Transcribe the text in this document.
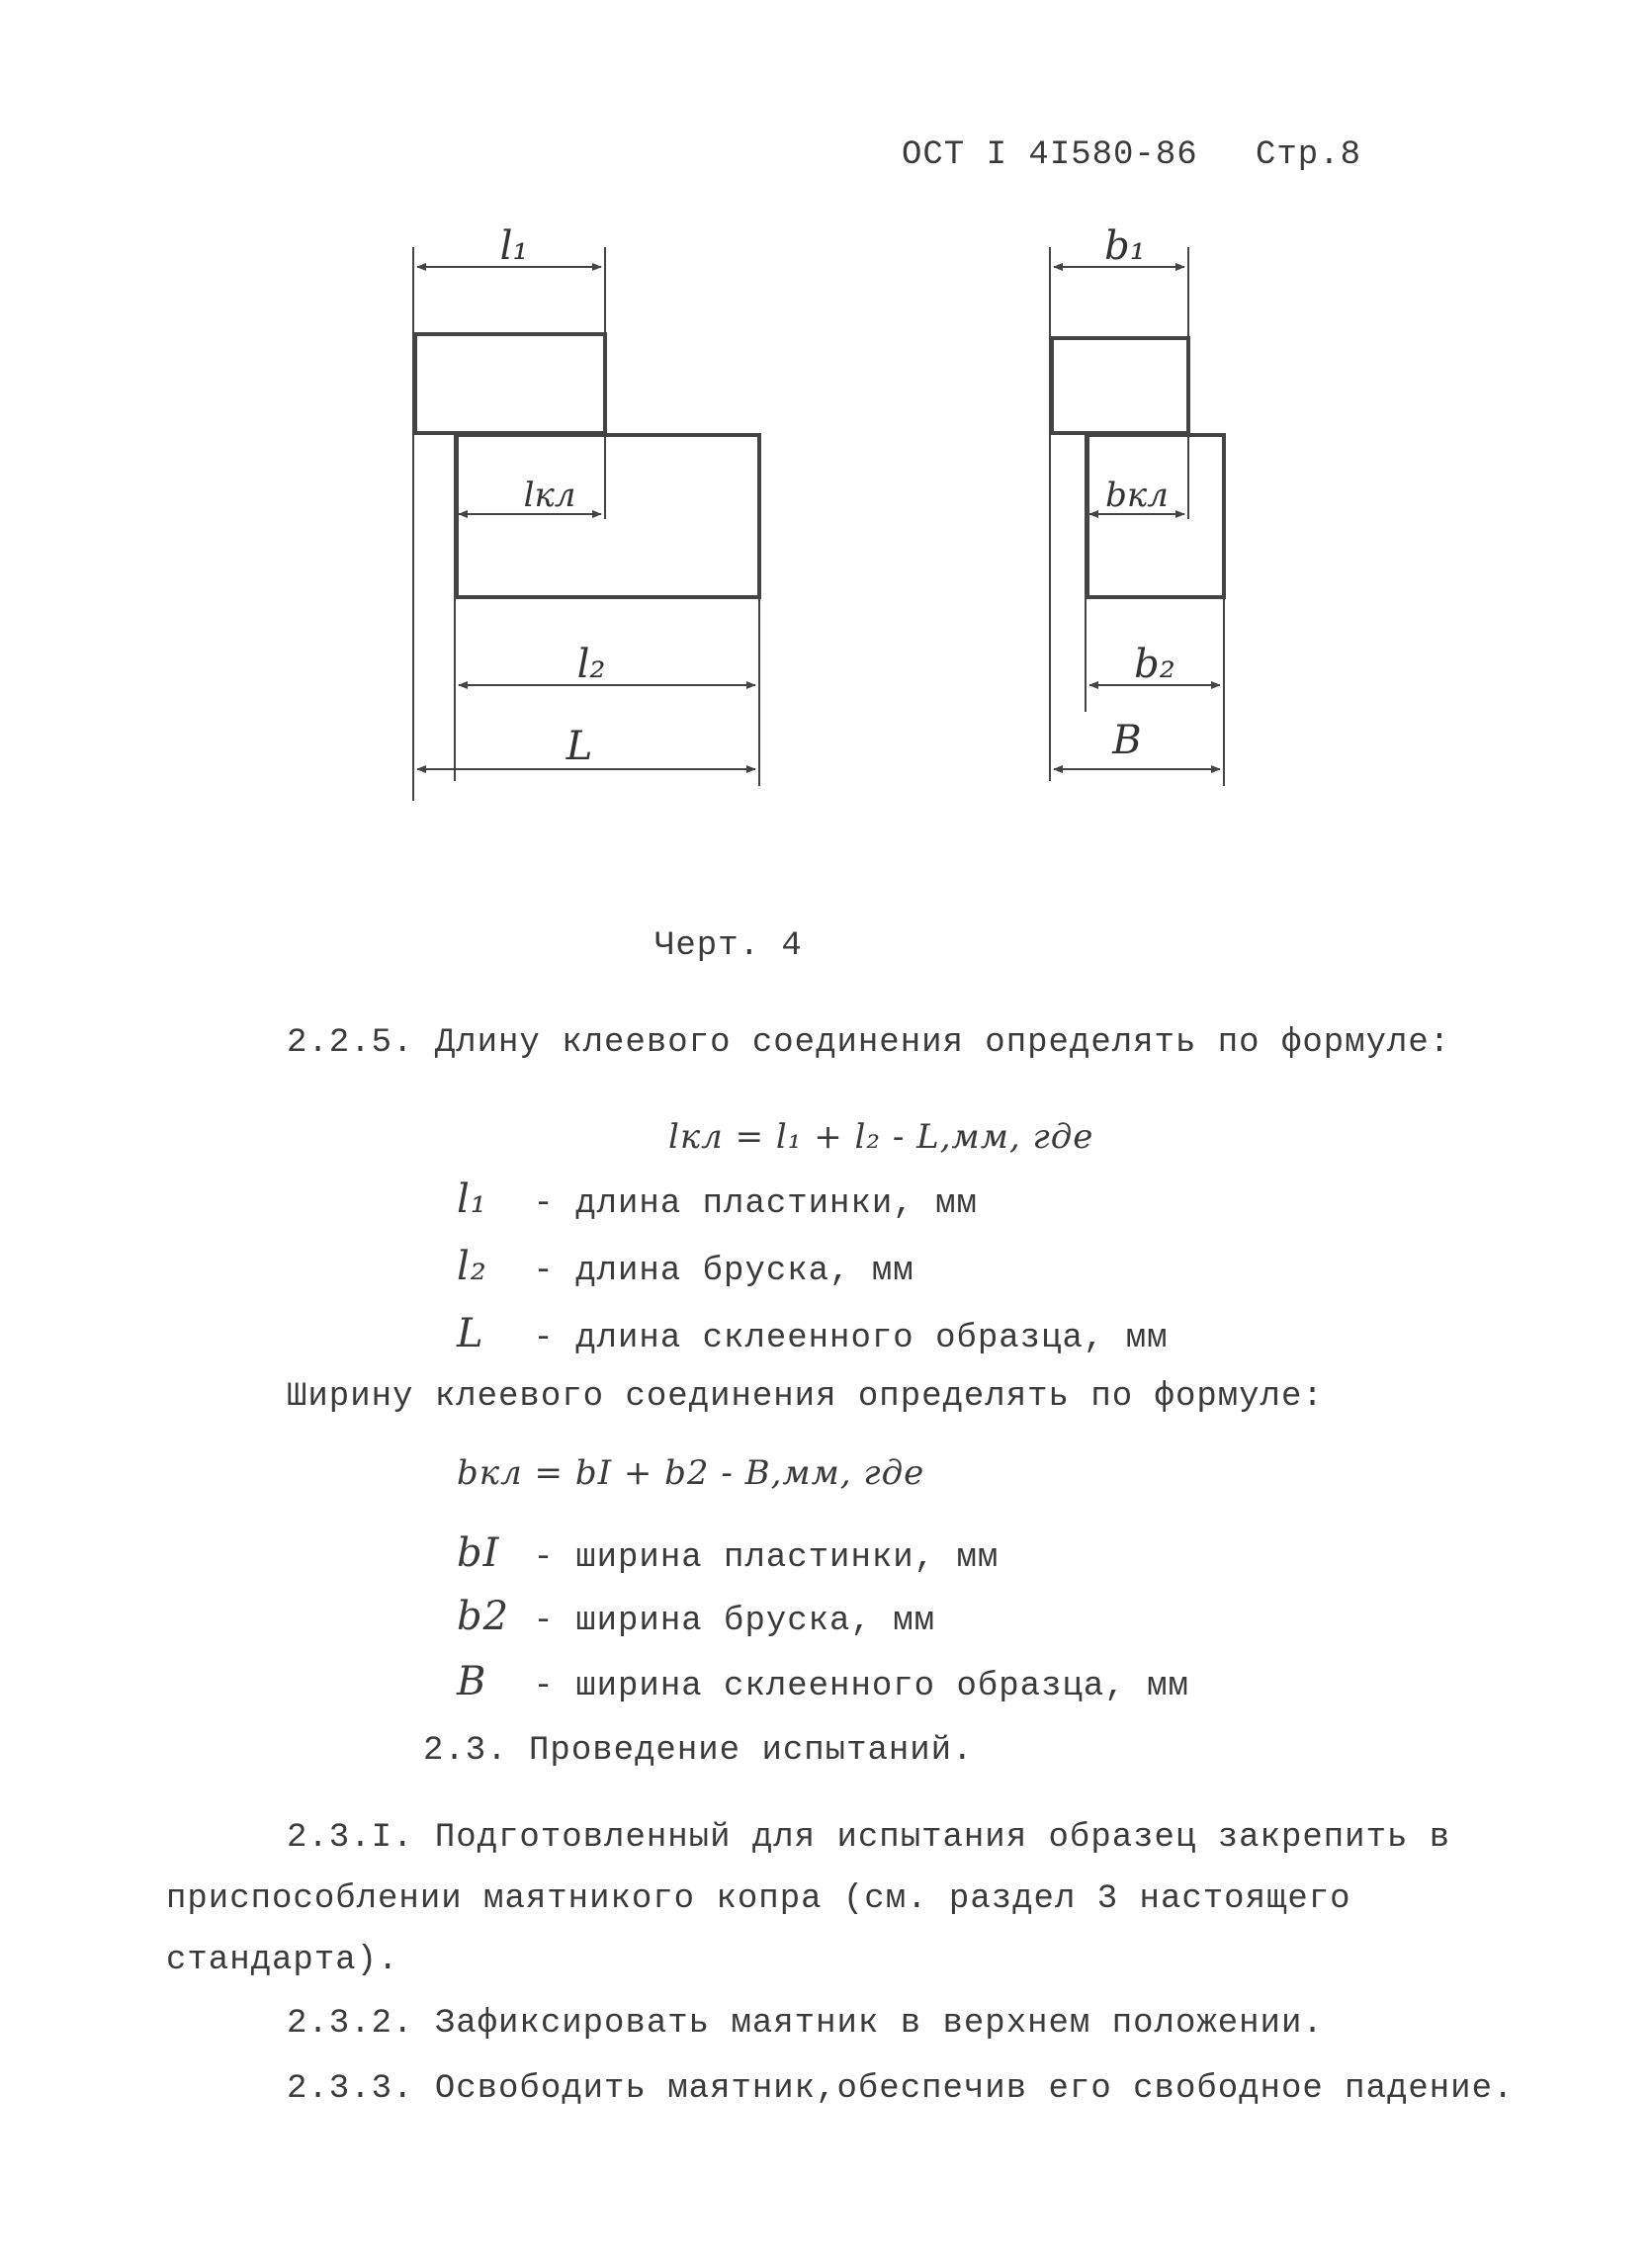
ОСТ I 4I580-86 Стр.8
l₁
lкл
l₂
L
b₁
bкл
b₂
B
Черт. 4
2.2.5. Длину клеевого соединения определять по формуле:
lкл = l₁ + l₂ - L,мм, где
l₁ - длина пластинки, мм
l₂ - длина бруска, мм
L - длина склеенного образца, мм
Ширину клеевого соединения определять по формуле:
bкл = bI + b2 - B,мм, где
bI - ширина пластинки, мм
b2 - ширина бруска, мм
B - ширина склеенного образца, мм
2.3. Проведение испытаний.
2.3.I. Подготовленный для испытания образец закрепить в
приспособлении маятникого копра (см. раздел 3 настоящего
стандарта).
2.3.2. Зафиксировать маятник в верхнем положении.
2.3.3. Освободить маятник,обеспечив его свободное падение.
